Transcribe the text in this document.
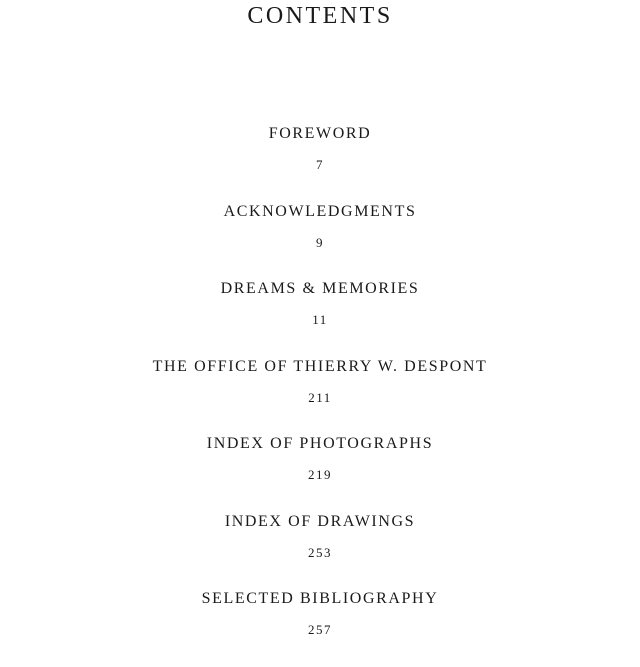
CONTENTS
FOREWORD
7
ACKNOWLEDGMENTS
9
DREAMS & MEMORIES
11
THE OFFICE OF THIERRY W. DESPONT
211
INDEX OF PHOTOGRAPHS
219
INDEX OF DRAWINGS
253
SELECTED BIBLIOGRAPHY
257
